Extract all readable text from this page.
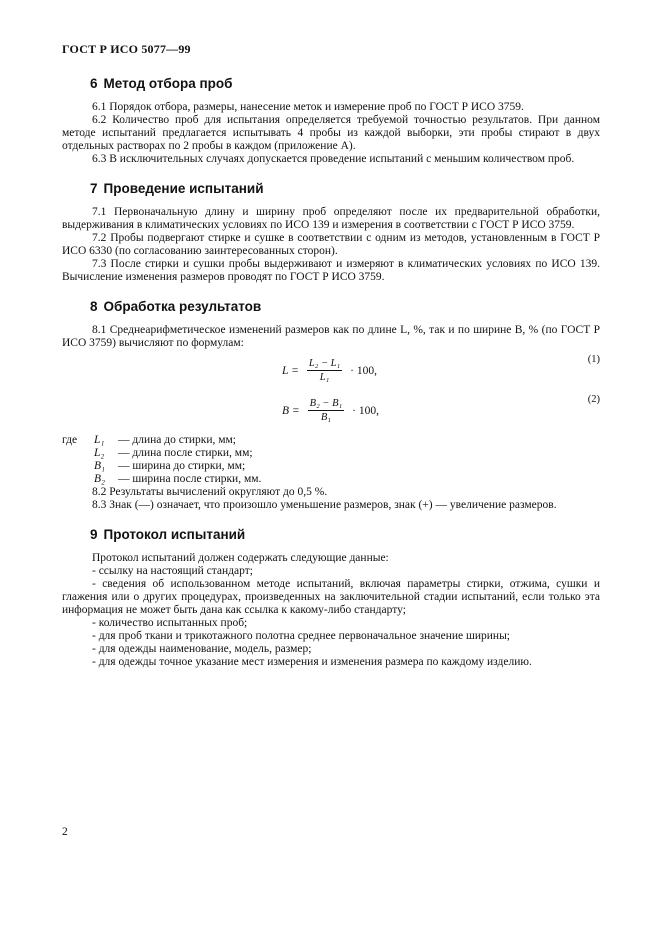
ГОСТ Р ИСО 5077—99
6 Метод отбора проб

6.1 Порядок отбора, размеры, нанесение меток и измерение проб по ГОСТ Р ИСО 3759.

6.2 Количество проб для испытания определяется требуемой точностью результатов. При данном методе испытаний предлагается испытывать 4 пробы из каждой выборки, эти пробы стирают в двух отдельных растворах по 2 пробы в каждом (приложение А).

6.3 В исключительных случаях допускается проведение испытаний с меньшим количеством проб.

7 Проведение испытаний

7.1 Первоначальную длину и ширину проб определяют после их предварительной обработки, выдерживания в климатических условиях по ИСО 139 и измерения в соответствии с ГОСТ Р ИСО 3759.

7.2 Пробы подвергают стирке и сушке в соответствии с одним из методов, установленным в ГОСТ Р ИСО 6330 (по согласованию заинтересованных сторон).

7.3 После стирки и сушки пробы выдерживают и измеряют в климатических условиях по ИСО 139. Вычисление изменения размеров проводят по ГОСТ Р ИСО 3759.

8 Обработка результатов

8.1 Среднеарифметическое изменений размеров как по длине L, %, так и по ширине B, % (по ГОСТ Р ИСО 3759) вычисляют по формулам:

$L = \frac{\text{L₂ − L₁}}{\text{L₁}} \cdot 100$,
(1)
$B = \frac{\text{B₂ − B₁}}{\text{B₁}} \cdot 100$,
(2)
где	L₁	— длина до стирки, мм;
L₂	— длина после стирки, мм;
B₁	— ширина до стирки, мм;
B₂	— ширина после стирки, мм.

8.2 Результаты вычислений округляют до 0,5 %.

8.3 Знак (—) означает, что произошло уменьшение размеров, знак (+) — увеличение размеров.

9 Протокол испытаний

Протокол испытаний должен содержать следующие данные:

- ссылку на настоящий стандарт;

- сведения об использованном методе испытаний, включая параметры стирки, отжима, сушки и глажения или о других процедурах, произведенных на заключительной стадии испытаний, если только эта информация не может быть дана как ссылка к какому-либо стандарту;

- количество испытанных проб;

- для проб ткани и трикотажного полотна среднее первоначальное значение ширины;

- для одежды наименование, модель, размер;

- для одежды точное указание мест измерения и изменения размера по каждому изделию.

2
